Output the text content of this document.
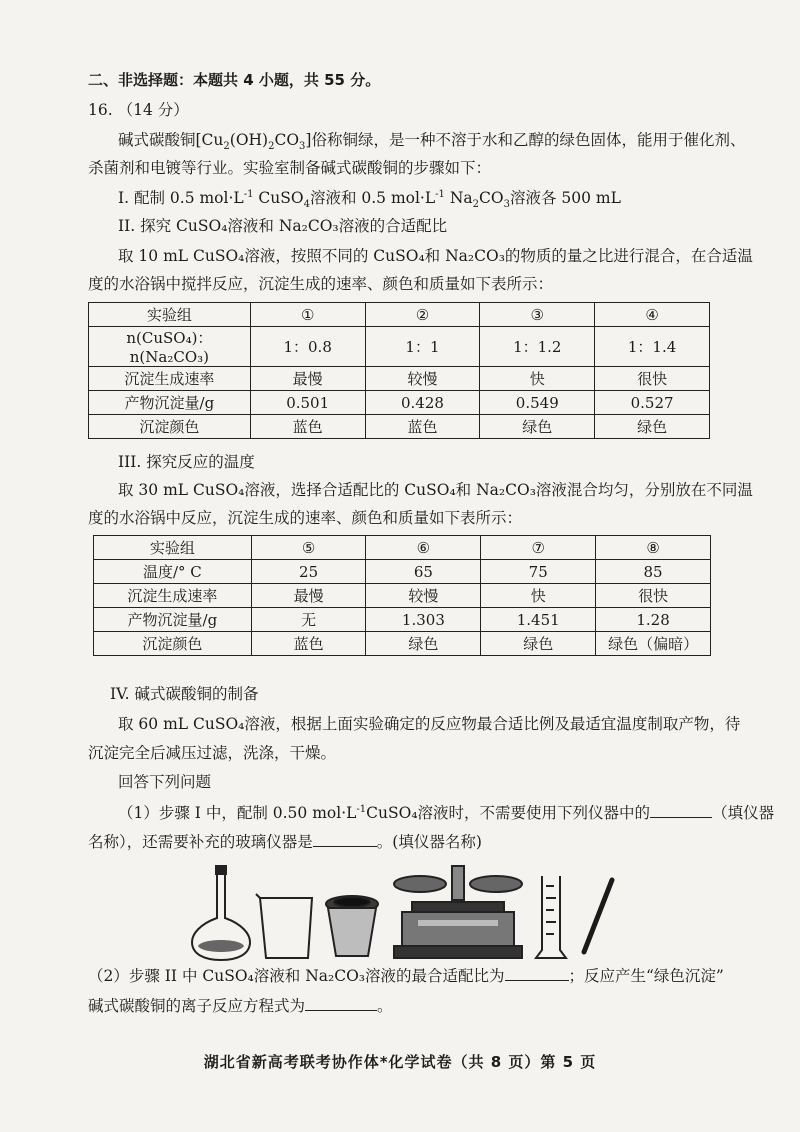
二、非选择题：本题共 4 小题，共 55 分。
16. （14 分）
碱式碳酸铜$[Cu_2(OH)_2CO_3]$俗称铜绿，是一种不溶于水和乙醇的绿色固体，能用于催化剂、
杀菌剂和电镀等行业。实验室制备碱式碳酸铜的步骤如下：
I. 配制 0.5 $mol\cdot L^{-1}$ CuSO$_4$溶液和 0.5 $mol\cdot L^{-1}$ $Na_2CO_3$溶液各 500 mL
II. 探究 CuSO₄溶液和 Na₂CO₃溶液的合适配比
取 10 mL CuSO₄溶液，按照不同的 CuSO₄和 Na₂CO₃的物质的量之比进行混合，在合适温
度的水浴锅中搅拌反应，沉淀生成的速率、颜色和质量如下表所示：
实验组	①	②	③	④
n(CuSO₄)：n(Na₂CO₃)	1：0.8	1：1	1：1.2	1：1.4
沉淀生成速率	最慢	较慢	快	很快
产物沉淀量/g	0.501	0.428	0.549	0.527
沉淀颜色	蓝色	蓝色	绿色	绿色
III. 探究反应的温度
取 30 mL CuSO₄溶液，选择合适配比的 CuSO₄和 Na₂CO₃溶液混合均匀，分别放在不同温
度的水浴锅中反应，沉淀生成的速率、颜色和质量如下表所示：
实验组	⑤	⑥	⑦	⑧
温度/° C	25	65	75	85
沉淀生成速率	最慢	较慢	快	很快
产物沉淀量/g	无	1.303	1.451	1.28
沉淀颜色	蓝色	绿色	绿色	绿色（偏暗）
IV. 碱式碳酸铜的制备
取 60 mL CuSO₄溶液，根据上面实验确定的反应物最合适比例及最适宜温度制取产物，待
沉淀完全后减压过滤，洗涤，干燥。
回答下列问题
（1）步骤 I 中，配制 0.50 $mol\cdot L^{-1}CuSO_4$溶液时，不需要使用下列仪器中的	（填仪器
名称），还需要补充的玻璃仪器是	。(填仪器名称)
（2）步骤 II 中 CuSO₄溶液和 Na₂CO₃溶液的最合适配比为	；反应产生“绿色沉淀”
碱式碳酸铜的离子反应方程式为	。
湖北省新高考联考协作体*化学试卷（共 8 页）第 5 页
